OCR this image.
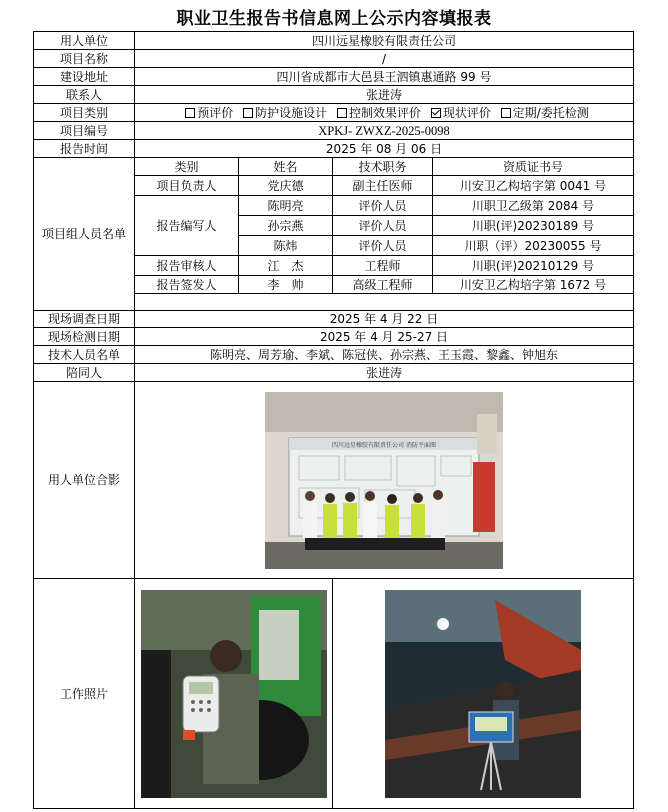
职业卫生报告书信息网上公示内容填报表
用人单位	四川远星橡胶有限责任公司			
项目名称	/			
建设地址	四川省成都市大邑县王泗镇惠通路 99 号			
联系人	张进涛			
项目类别	预评价 防护设施设计 控制效果评价 现状评价 定期/委托检测			
项目编号	XPKJ- ZWXZ-2025-0098			
报告时间	2025 年 08 月 06 日			
项目组人员名单	类别	姓名	技术职务	资质证书号
	项目负责人	党庆德	副主任医师	川安卫乙构培字第 0041 号
	报告编写人	陈明亮	评价人员	川职卫乙级第 2084 号
		孙宗燕	评价人员	川职(评)20230189 号
		陈炜	评价人员	川职（评）20230055 号
	报告审核人	江　杰	工程师	川职(评)20210129 号
	报告签发人	李　帅	高级工程师	川安卫乙构培字第 1672 号

现场调查日期	2025 年 4 月 22 日			
现场检测日期	2025 年 4 月 25-27 日			
技术人员名单	陈明亮、周芳瑜、李斌、陈冠侠、孙宗燕、王玉霞、黎鑫、钟旭东			
陪同人	张进涛			
用人单位合影	四川远星橡胶有限责任公司 消防平面图			

工作照片	
